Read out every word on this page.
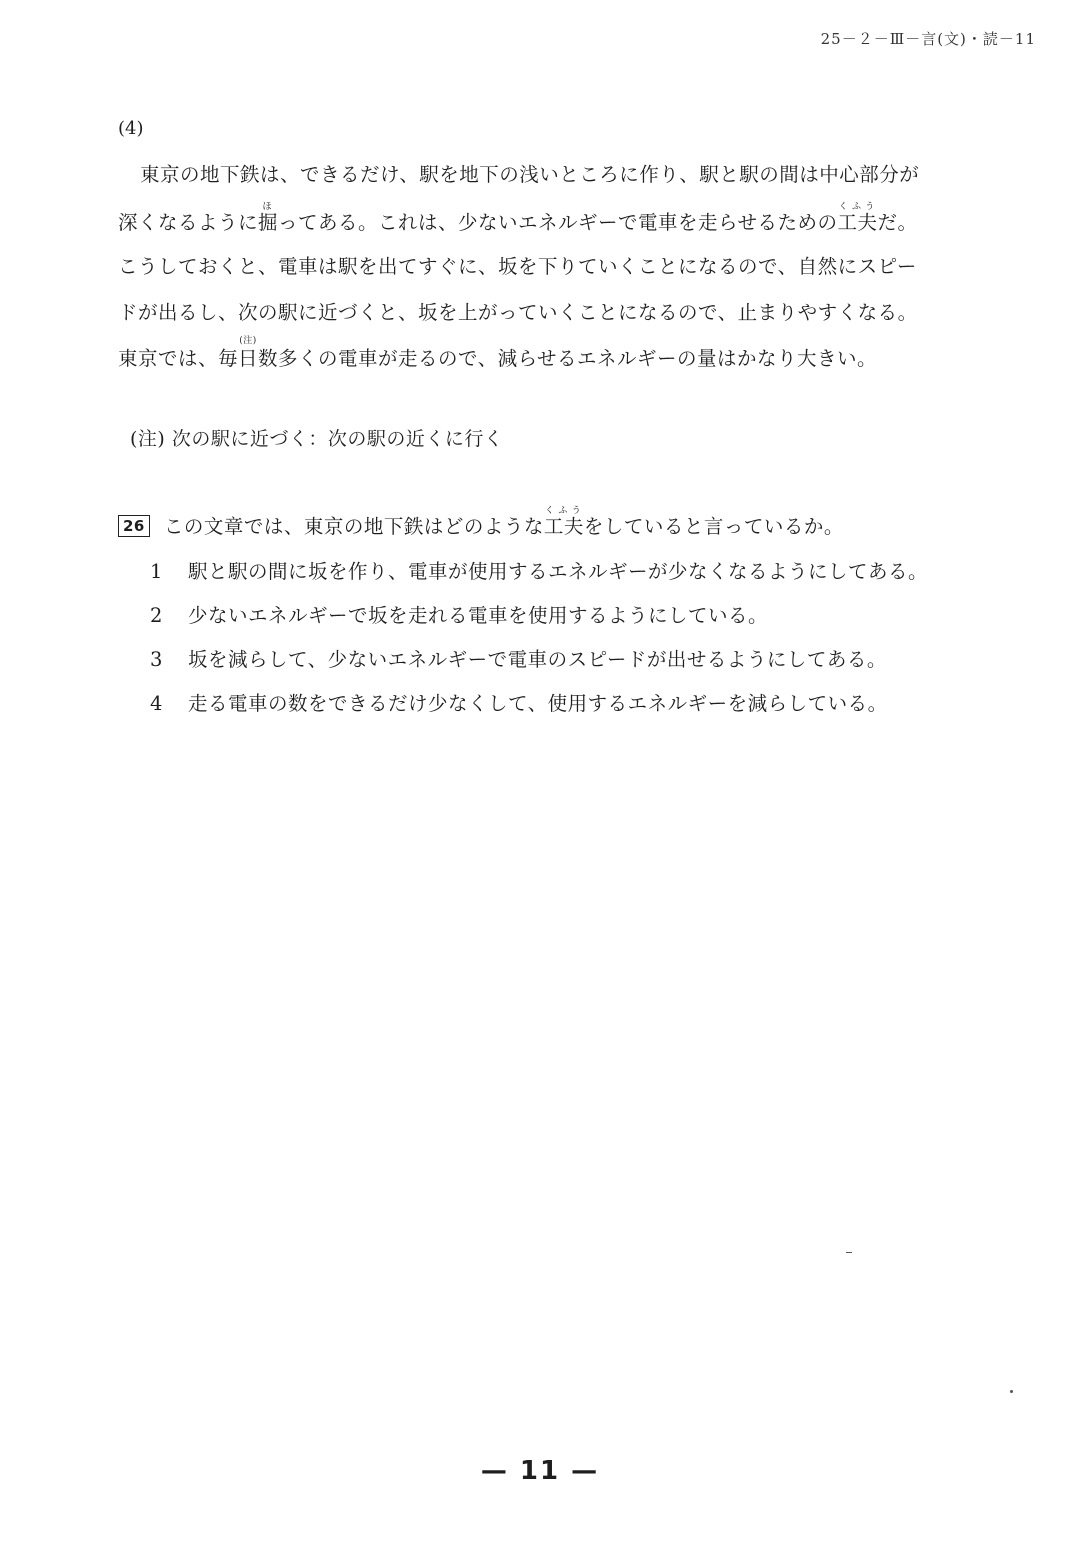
25－２－Ⅲ－言(文)・読－11
(4)
東京の地下鉄は、できるだけ、駅を地下の浅いところに作り、駅と駅の間は中心部分が
深くなるように掘ほってある。これは、少ないエネルギーで電車を走らせるための工夫くふうだ。
こうしておくと、電車は駅を出てすぐに、坂を下りていくことになるので、自然にスピー
ドが出るし、次
(注)
の駅に近づくと、坂を上がっていくことになるので、止まりやすくなる。
東京では、毎日数多くの電車が走るので、減らせるエネルギーの量はかなり大きい。
(注) 次の駅に近づく：次の駅の近くに行く
26 この文章では、東京の地下鉄はどのような工夫くふうをしていると言っているか。
1 駅と駅の間に坂を作り、電車が使用するエネルギーが少なくなるようにしてある。
2 少ないエネルギーで坂を走れる電車を使用するようにしている。
3 坂を減らして、少ないエネルギーで電車のスピードが出せるようにしてある。
4 走る電車の数をできるだけ少なくして、使用するエネルギーを減らしている。
— 11 —
